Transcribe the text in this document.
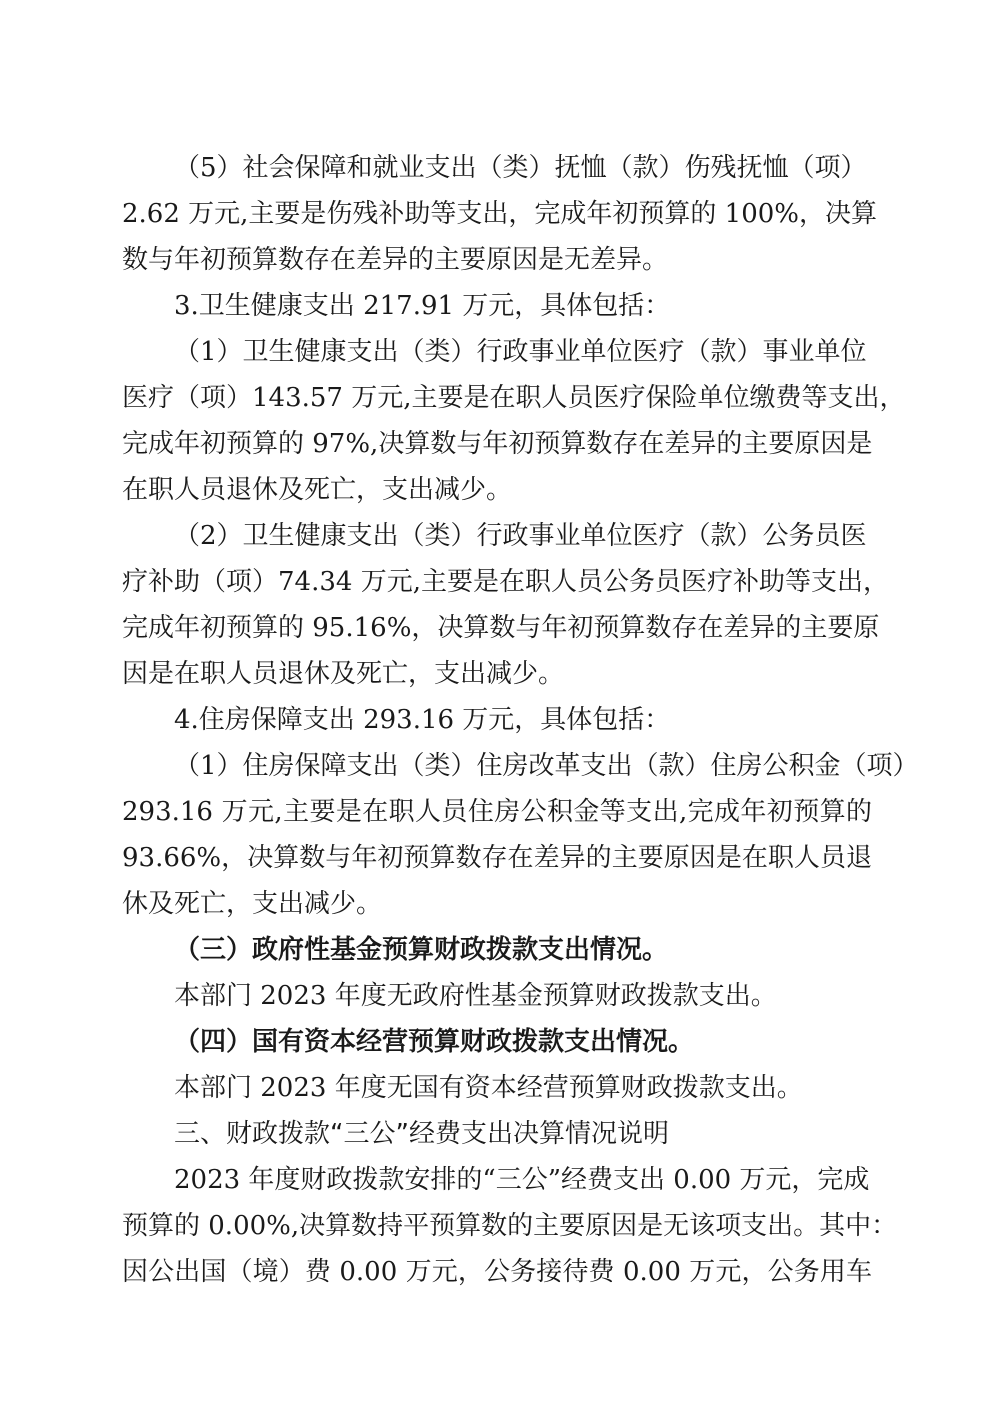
（5）社会保障和就业支出（类）抚恤（款）伤残抚恤（项）
2.62 万元,主要是伤残补助等支出，完成年初预算的 100%，决算
数与年初预算数存在差异的主要原因是无差异。
3.卫生健康支出 217.91 万元，具体包括：
（1）卫生健康支出（类）行政事业单位医疗（款）事业单位
医疗（项）143.57 万元,主要是在职人员医疗保险单位缴费等支出，
完成年初预算的 97%,决算数与年初预算数存在差异的主要原因是
在职人员退休及死亡，支出减少。
（2）卫生健康支出（类）行政事业单位医疗（款）公务员医
疗补助（项）74.34 万元,主要是在职人员公务员医疗补助等支出，
完成年初预算的 95.16%，决算数与年初预算数存在差异的主要原
因是在职人员退休及死亡，支出减少。
4.住房保障支出 293.16 万元，具体包括：
（1）住房保障支出（类）住房改革支出（款）住房公积金（项）
293.16 万元,主要是在职人员住房公积金等支出,完成年初预算的
93.66%，决算数与年初预算数存在差异的主要原因是在职人员退
休及死亡，支出减少。
（三）政府性基金预算财政拨款支出情况。
本部门 2023 年度无政府性基金预算财政拨款支出。
（四）国有资本经营预算财政拨款支出情况。
本部门 2023 年度无国有资本经营预算财政拨款支出。
三、财政拨款“三公”经费支出决算情况说明
2023 年度财政拨款安排的“三公”经费支出 0.00 万元，完成
预算的 0.00%,决算数持平预算数的主要原因是无该项支出。其中：
因公出国（境）费 0.00 万元，公务接待费 0.00 万元，公务用车
